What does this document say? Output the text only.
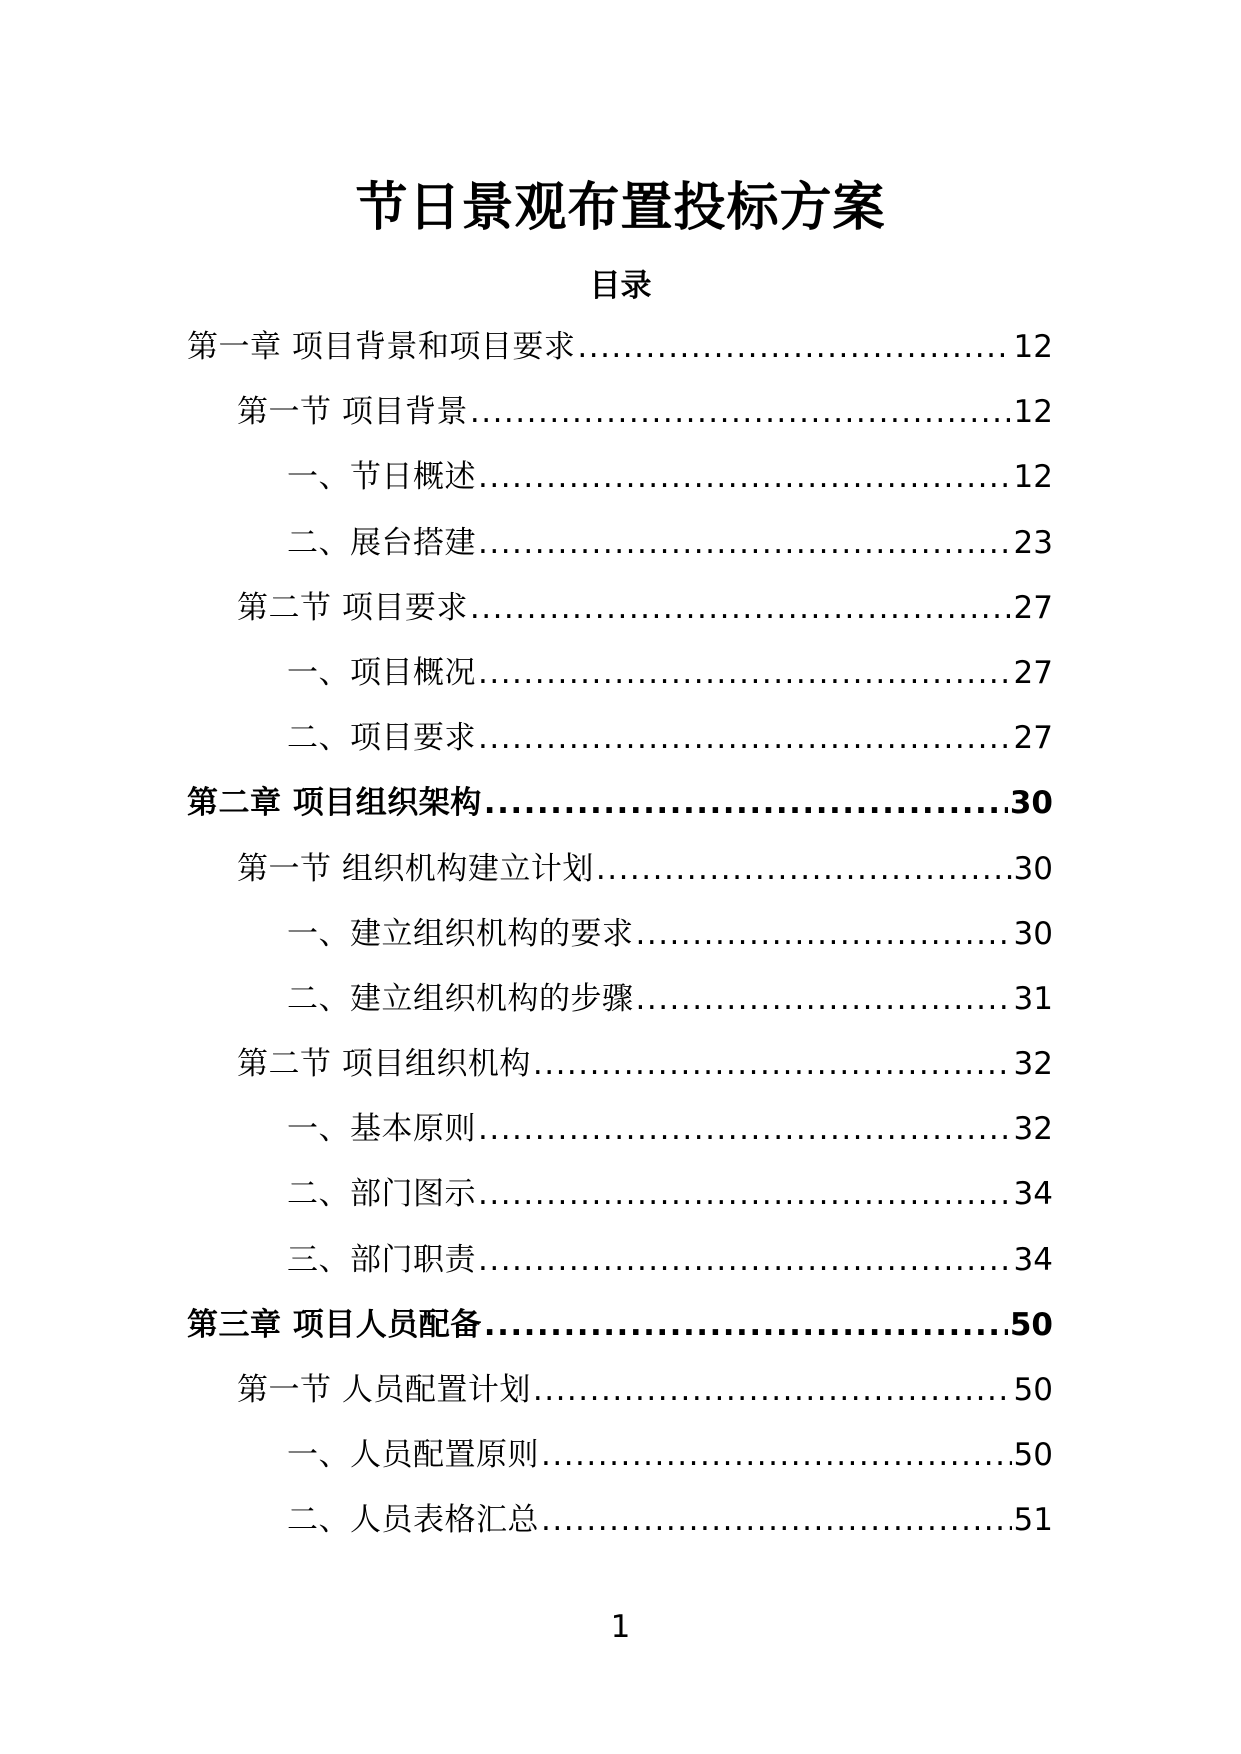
节日景观布置投标方案
目录
第一章 项目背景和项目要求 .....	12
第一节 项目背景 .....	12
一、节日概述 .....	12
二、展台搭建 .....	23
第二节 项目要求 .....	27
一、项目概况 .....	27
二、项目要求 .....	27
第二章 项目组织架构 .....	30
第一节 组织机构建立计划 .....	30
一、建立组织机构的要求 .....	30
二、建立组织机构的步骤 .....	31
第二节 项目组织机构 .....	32
一、基本原则 .....	32
二、部门图示 .....	34
三、部门职责 .....	34
第三章 项目人员配备 .....	50
第一节 人员配置计划 .....	50
一、人员配置原则 .....	50
二、人员表格汇总 .....	51
1
